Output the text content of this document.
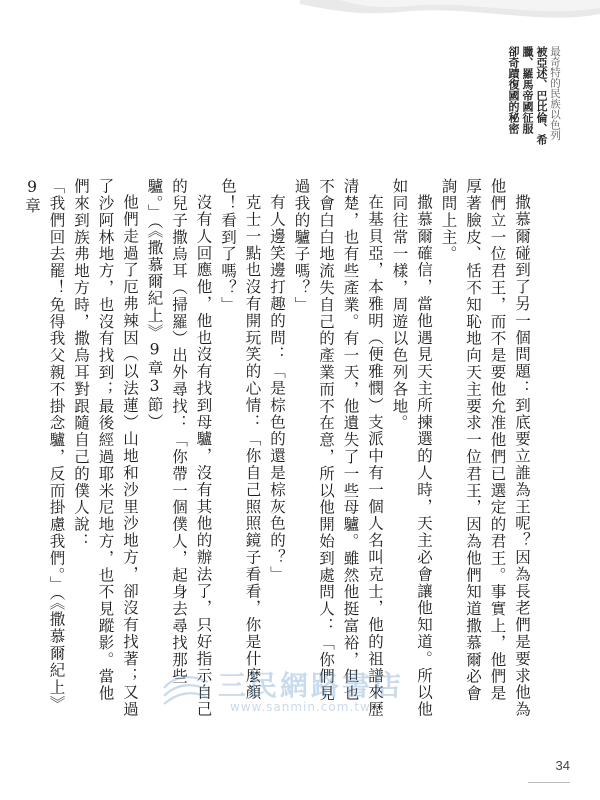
最奇特的民族以色列
被亞述、巴比倫、希臘、羅馬帝國征服
卻奇蹟復國的秘密

撒慕爾碰到了另一個問題：到底要立誰為王呢？因為長老們是要求他為他們立一位君王，而不是要他允准他們已選定的君王。事實上，他們是厚著臉皮、恬不知恥地向天主要求一位君王，因為他們知道撒慕爾必會詢問上主。

撒慕爾確信，當他遇見天主所揀選的人時，天主必會讓他知道。所以他如同往常一樣，周遊以色列各地。

在基貝亞，本雅明（便雅憫）支派中有一個人名叫克士，他的祖譜來歷清楚，也有些產業。有一天，他遺失了一些母驢。雖然他挺富裕，但也不會白白地流失自己的產業而不在意，所以他開始到處問人：「你們見過我的驢子嗎？」

有人邊笑邊打趣的問：「是棕色的還是棕灰色的？」

克士一點也沒有開玩笑的心情：「你自己照照鏡子看看，你是什麼顏色！看到了嗎？」

沒有人回應他，他也沒有找到母驢，沒有其他的辦法了，只好指示自己的兒子撒烏耳（掃羅）出外尋找：「你帶一個僕人，起身去尋找那些驢。」（《撒慕爾紀上》9章3節）

他們走過了厄弗辣因（以法蓮）山地和沙里沙地方，卻沒有找著；又過了沙阿林地方，也沒有找到；最後經過耶米尼地方，也不見蹤影。當他們來到族弗地方時，撒烏耳對跟隨自己的僕人說：

「我們回去罷！免得我父親不掛念驢，反而掛慮我們。」（《撒慕爾紀上》9章

三民網路書店
www.sanmin.com.tw
34
